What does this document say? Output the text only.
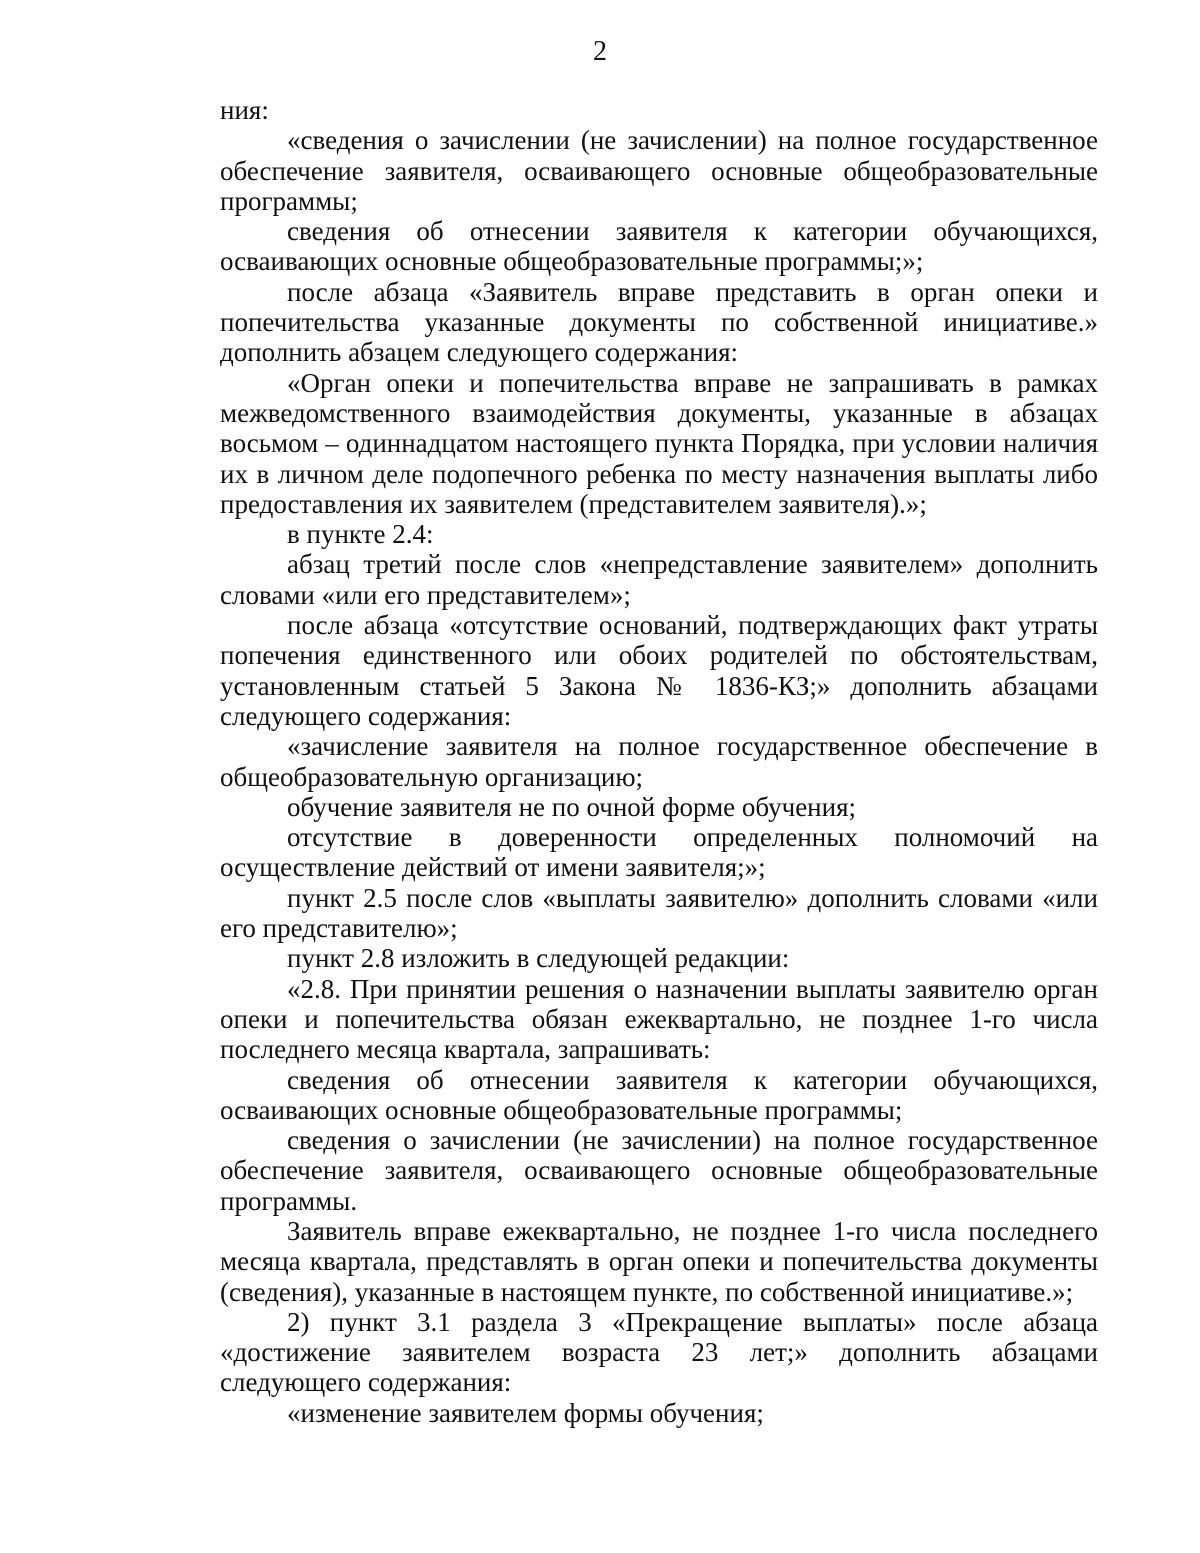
2

ния:

«сведения о зачислении (не зачислении) на полное государственное обеспечение заявителя, осваивающего основные общеобразовательные программы;

сведения об отнесении заявителя к категории обучающихся, осваивающих основные общеобразовательные программы;»;

после абзаца «Заявитель вправе представить в орган опеки и попечительства указанные документы по собственной инициативе.» дополнить абзацем следующего содержания:

«Орган опеки и попечительства вправе не запрашивать в рамках межведомственного взаимодействия документы, указанные в абзацах восьмом – одиннадцатом настоящего пункта Порядка, при условии наличия их в личном деле подопечного ребенка по месту назначения выплаты либо предоставления их заявителем (представителем заявителя).»;

в пункте 2.4:

абзац третий после слов «непредставление заявителем» дополнить словами «или его представителем»;

после абзаца «отсутствие оснований, подтверждающих факт утраты попечения единственного или обоих родителей по обстоятельствам, установленным статьей 5 Закона № 1836-КЗ;» дополнить абзацами следующего содержания:

«зачисление заявителя на полное государственное обеспечение в общеобразовательную организацию;

обучение заявителя не по очной форме обучения;

отсутствие в доверенности определенных полномочий на осуществление действий от имени заявителя;»;

пункт 2.5 после слов «выплаты заявителю» дополнить словами «или его представителю»;

пункт 2.8 изложить в следующей редакции:

«2.8. При принятии решения о назначении выплаты заявителю орган опеки и попечительства обязан ежеквартально, не позднее 1-го числа последнего месяца квартала, запрашивать:

сведения об отнесении заявителя к категории обучающихся, осваивающих основные общеобразовательные программы;

сведения о зачислении (не зачислении) на полное государственное обеспечение заявителя, осваивающего основные общеобразовательные программы.

Заявитель вправе ежеквартально, не позднее 1-го числа последнего месяца квартала, представлять в орган опеки и попечительства документы (сведения), указанные в настоящем пункте, по собственной инициативе.»;

2) пункт 3.1 раздела 3 «Прекращение выплаты» после абзаца «достижение заявителем возраста 23 лет;» дополнить абзацами следующего содержания:

«изменение заявителем формы обучения;
